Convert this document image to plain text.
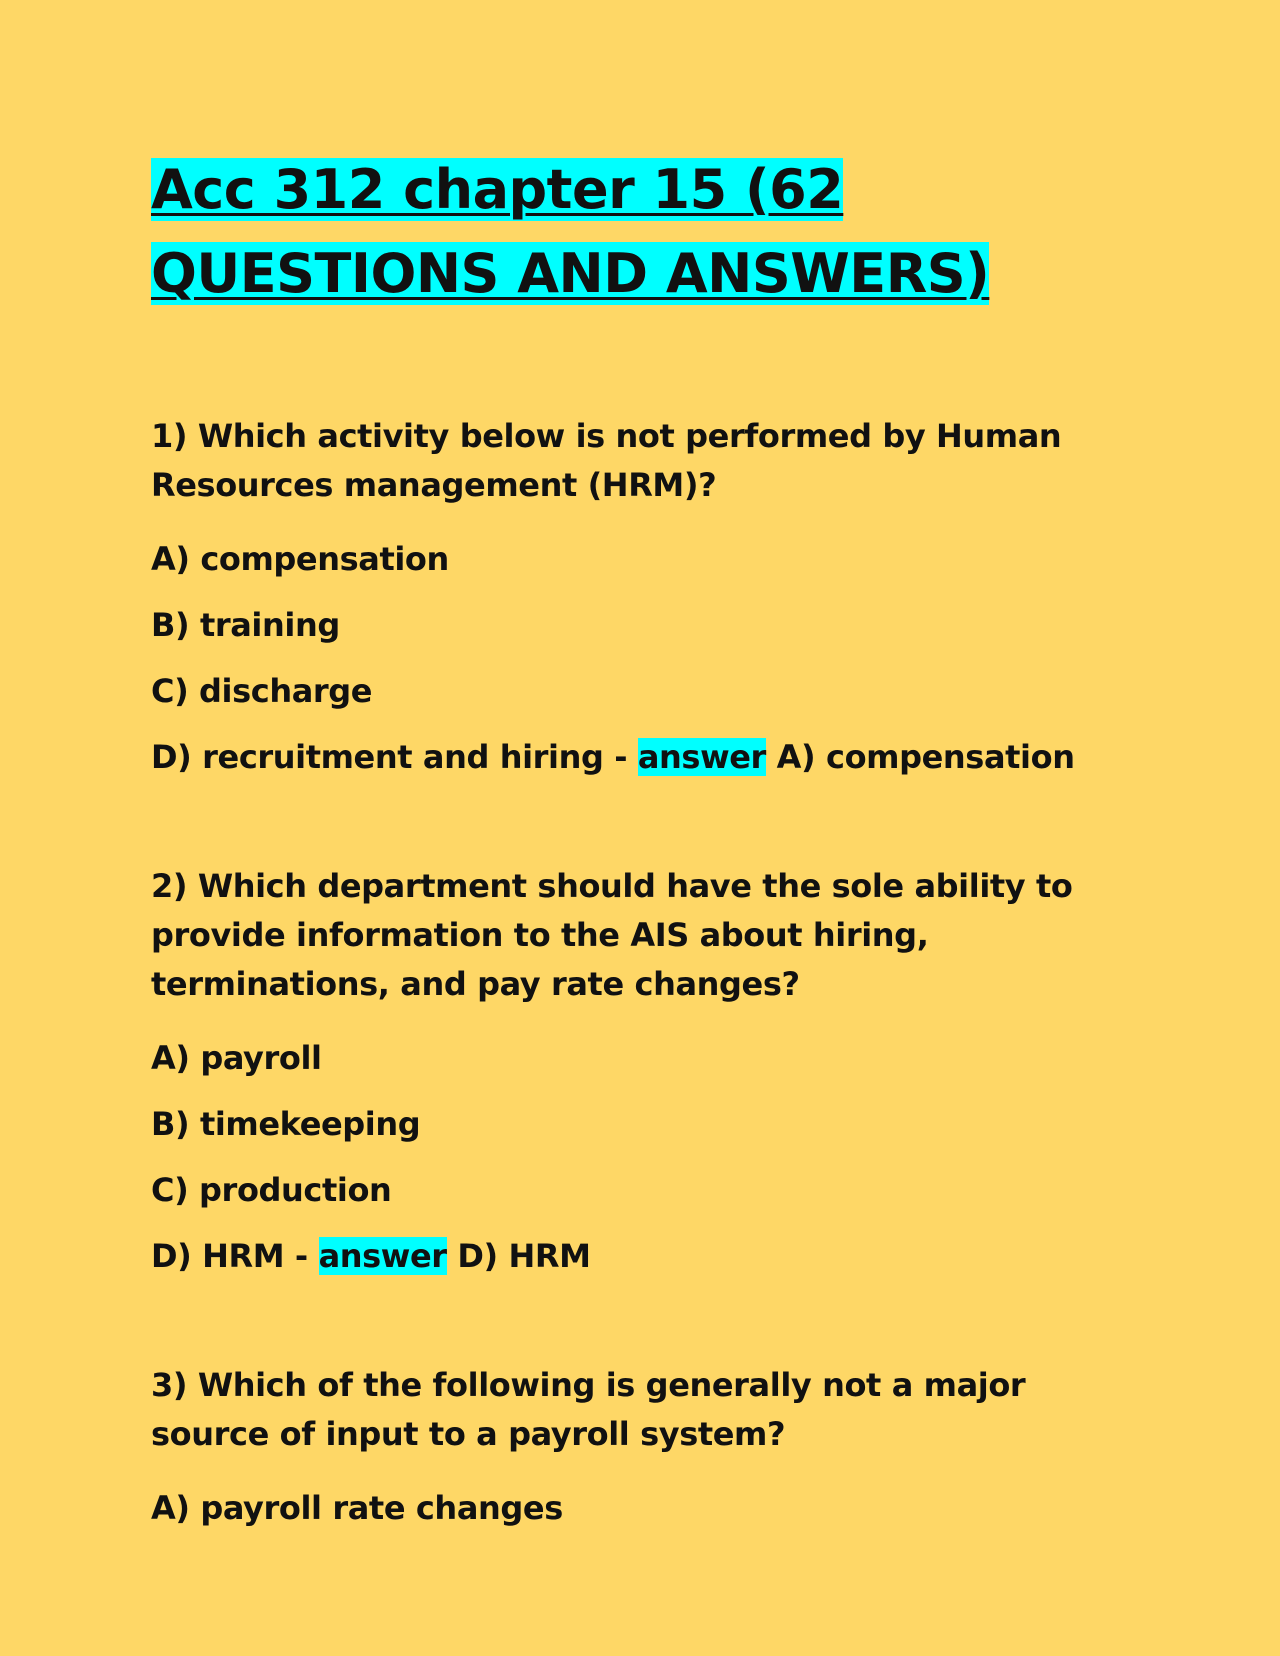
Acc 312 chapter 15 (62
QUESTIONS AND ANSWERS)

1) Which activity below is not performed by Human Resources management (HRM)?

A) compensation

B) training

C) discharge

D) recruitment and hiring - answer A) compensation

2) Which department should have the sole ability to provide information to the AIS about hiring, terminations, and pay rate changes?

A) payroll

B) timekeeping

C) production

D) HRM - answer D) HRM

3) Which of the following is generally not a major source of input to a payroll system?

A) payroll rate changes
